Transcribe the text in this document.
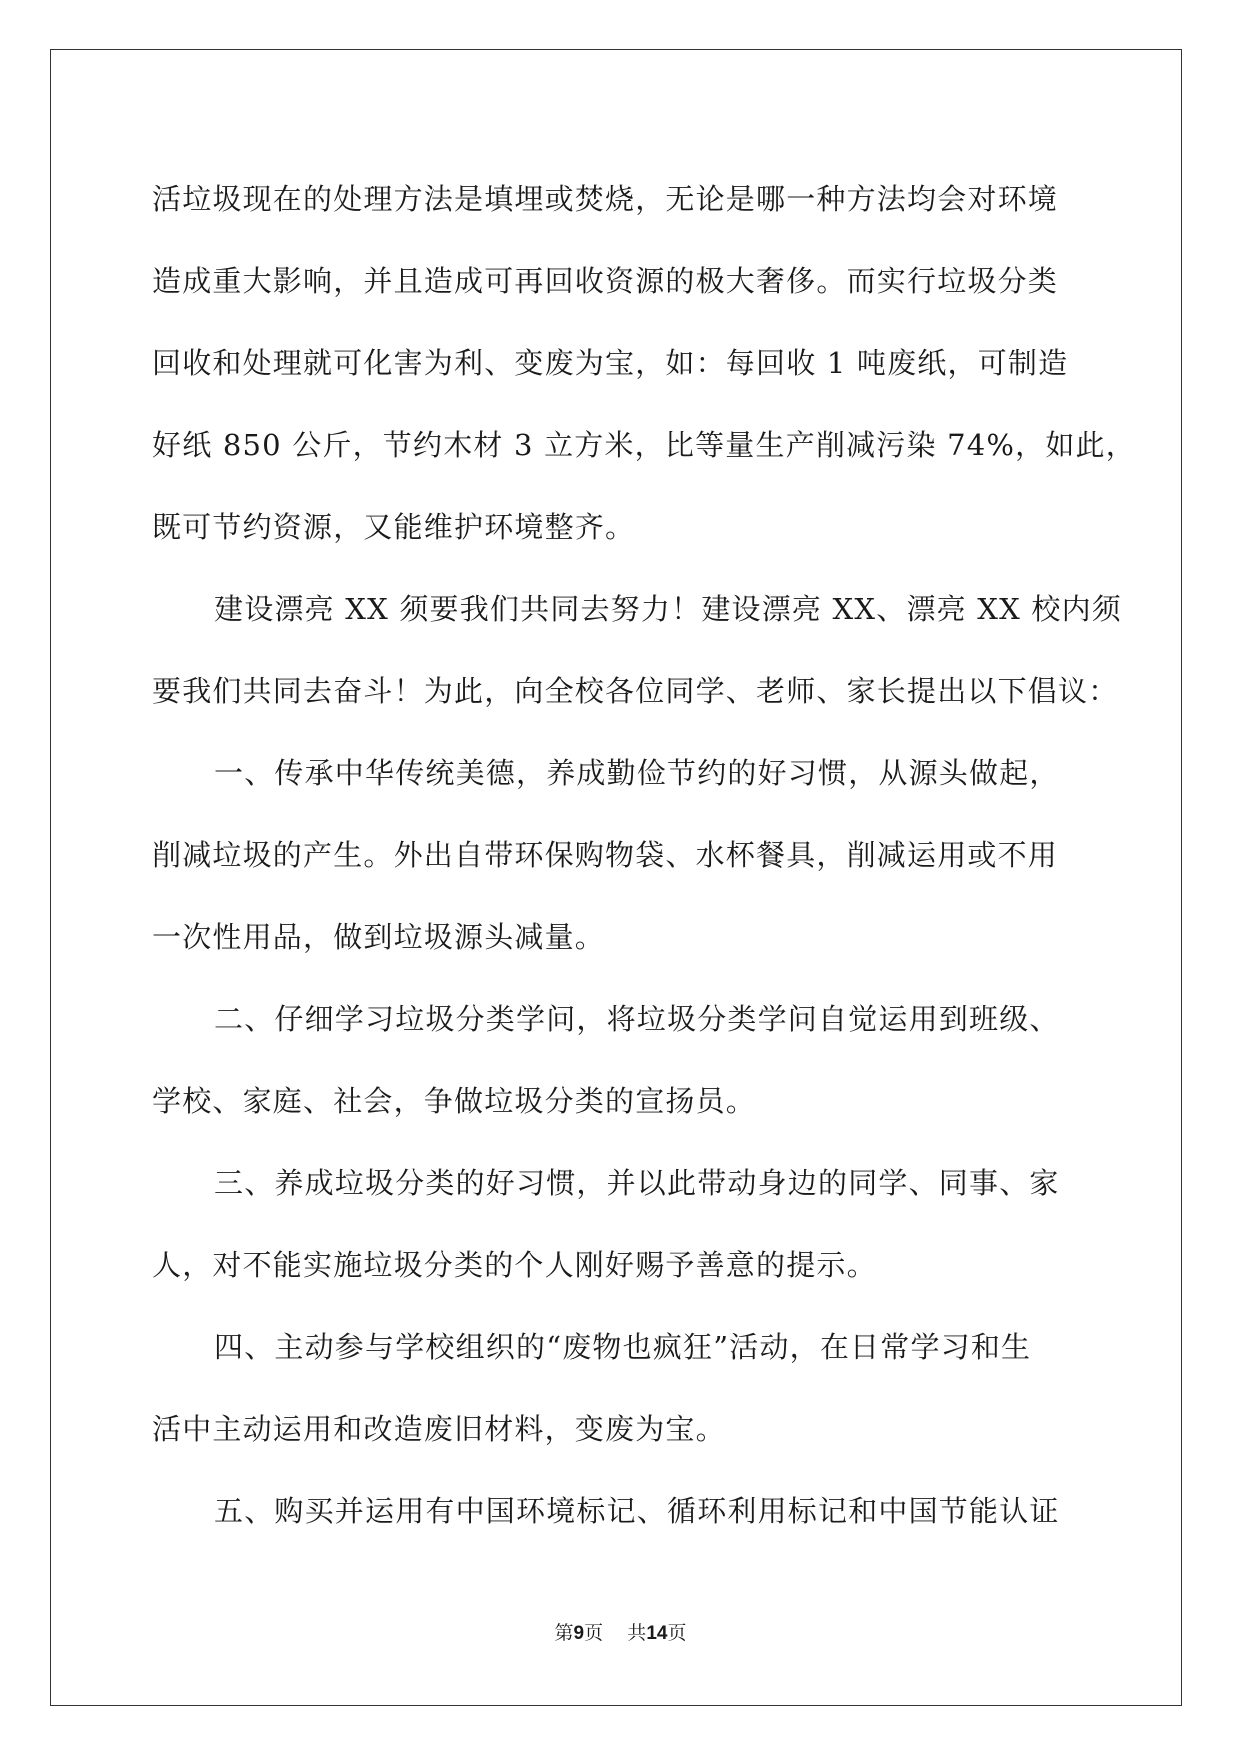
活垃圾现在的处理方法是填埋或焚烧，无论是哪一种方法均会对环境
造成重大影响，并且造成可再回收资源的极大奢侈。而实行垃圾分类
回收和处理就可化害为利、变废为宝，如：每回收 1 吨废纸，可制造
好纸 850 公斤，节约木材 3 立方米，比等量生产削减污染 74%，如此，
既可节约资源，又能维护环境整齐。
建设漂亮 XX 须要我们共同去努力！建设漂亮 XX、漂亮 XX 校内须
要我们共同去奋斗！为此，向全校各位同学、老师、家长提出以下倡议：
一、传承中华传统美德，养成勤俭节约的好习惯，从源头做起，
削减垃圾的产生。外出自带环保购物袋、水杯餐具，削减运用或不用
一次性用品，做到垃圾源头减量。
二、仔细学习垃圾分类学问，将垃圾分类学问自觉运用到班级、
学校、家庭、社会，争做垃圾分类的宣扬员。
三、养成垃圾分类的好习惯，并以此带动身边的同学、同事、家
人，对不能实施垃圾分类的个人刚好赐予善意的提示。
四、主动参与学校组织的“废物也疯狂”活动，在日常学习和生
活中主动运用和改造废旧材料，变废为宝。
五、购买并运用有中国环境标记、循环利用标记和中国节能认证
第9页 共14页
